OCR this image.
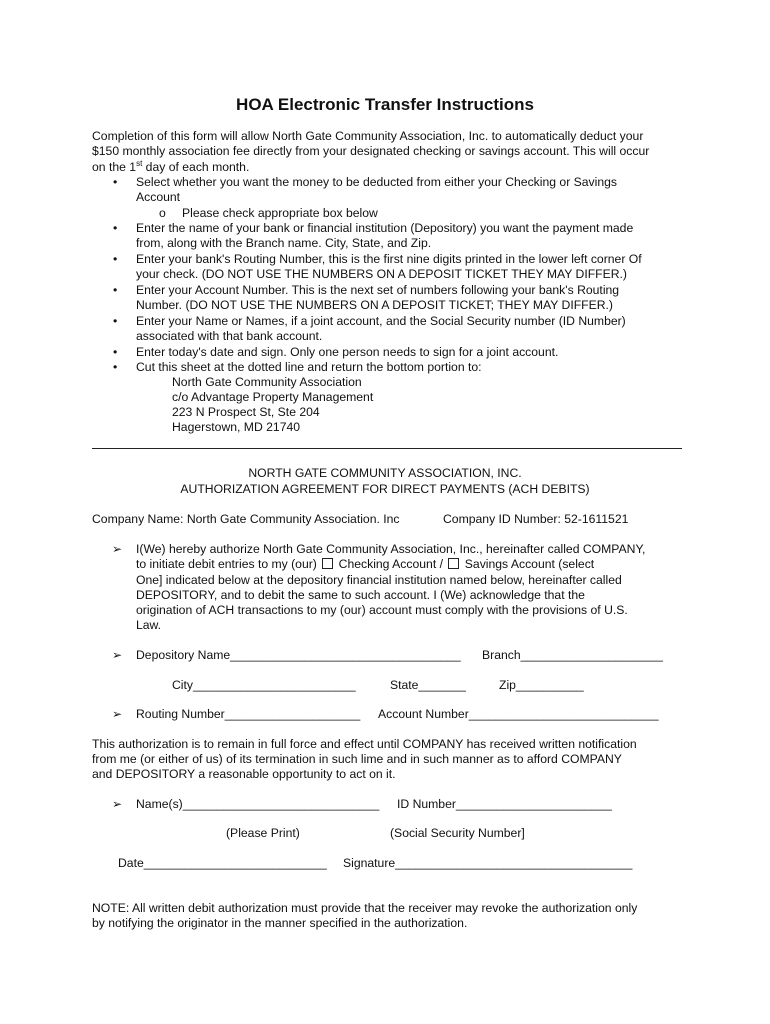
HOA Electronic Transfer Instructions
Completion of this form will allow North Gate Community Association, Inc. to automatically deduct your
$150 monthly association fee directly from your designated checking or savings account. This will occur
on the 1st day of each month.
•	Select whether you want the money to be deducted from either your Checking or Savings
Account
o Please check appropriate box below
•	Enter the name of your bank or financial institution (Depository) you want the payment made
from, along with the Branch name. City, State, and Zip.
•	Enter your bank's Routing Number, this is the first nine digits printed in the lower left corner Of
your check. (DO NOT USE THE NUMBERS ON A DEPOSIT TICKET THEY MAY DIFFER.)
•	Enter your Account Number. This is the next set of numbers following your bank's Routing
Number. (DO NOT USE THE NUMBERS ON A DEPOSIT TICKET; THEY MAY DIFFER.)
•	Enter your Name or Names, if a joint account, and the Social Security number (ID Number)
associated with that bank account.
•	Enter today's date and sign. Only one person needs to sign for a joint account.
•	Cut this sheet at the dotted line and return the bottom portion to:
North Gate Community Association
c/o Advantage Property Management
223 N Prospect St, Ste 204
Hagerstown, MD 21740
NORTH GATE COMMUNITY ASSOCIATION, INC.
AUTHORIZATION AGREEMENT FOR DIRECT PAYMENTS (ACH DEBITS)
Company Name: North Gate Community Association. Inc	Company ID Number: 52-1611521
➢ I(We) hereby authorize North Gate Community Association, Inc., hereinafter called COMPANY,
to initiate debit entries to my (our) Checking Account / Savings Account (select
One] indicated below at the depository financial institution named below, hereinafter called
DEPOSITORY, and to debit the same to such account. I (We) acknowledge that the
origination of ACH transactions to my (our) account must comply with the provisions of U.S.
Law.
➢ Depository Name__________________________________ Branch_____________________
City________________________	State_______	Zip__________
➢ Routing Number____________________ Account Number____________________________
This authorization is to remain in full force and effect until COMPANY has received written notification
from me (or either of us) of its termination in such lime and in such manner as to afford COMPANY
and DEPOSITORY a reasonable opportunity to act on it.
➢ Name(s)_____________________________ ID Number_______________________
(Please Print)	(Social Security Number]
Date___________________________ Signature___________________________________
NOTE: All written debit authorization must provide that the receiver may revoke the authorization only
by notifying the originator in the manner specified in the authorization.
